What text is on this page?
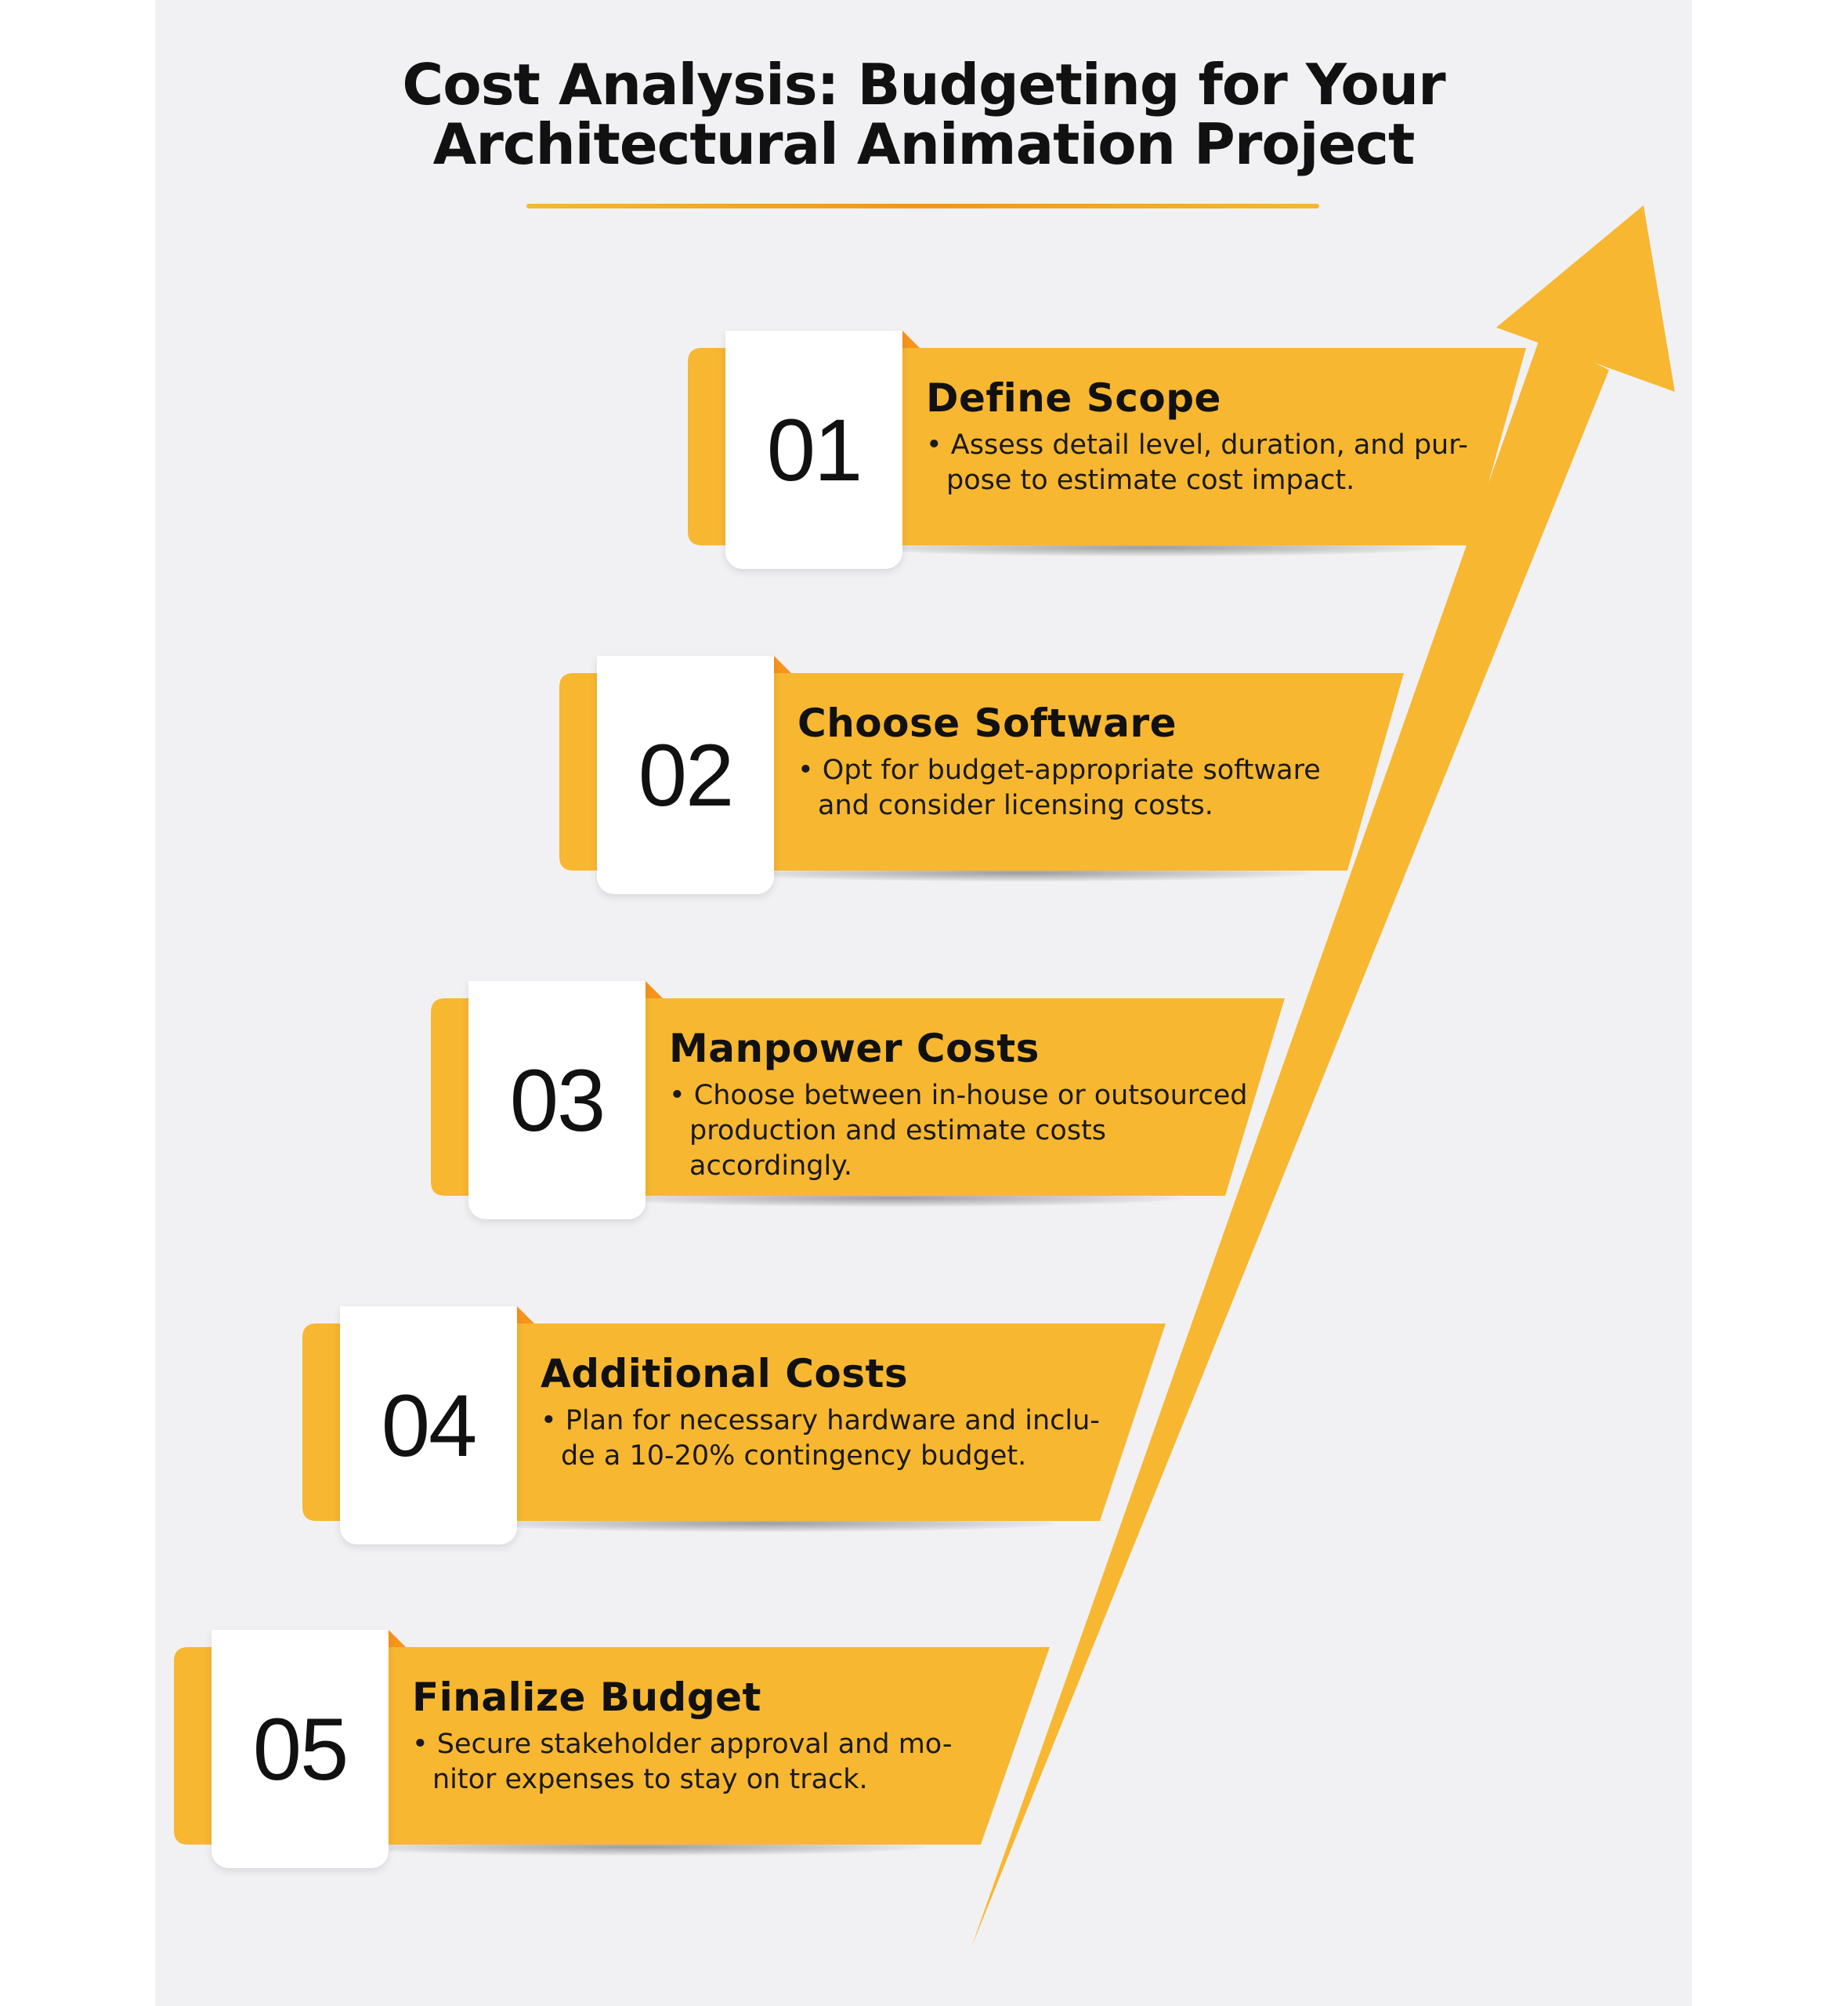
Cost Analysis: Budgeting for Your
Architectural Animation Project
01

Define Scope

• Assess detail level, duration, and pur-pose to estimate cost impact.

02

Choose Software

• Opt for budget-appropriate software and consider licensing costs.

03

Manpower Costs

• Choose between in-house or outsourced production and estimate costs accordingly.

04

Additional Costs

• Plan for necessary hardware and inclu-de a 10-20% contingency budget.

05

Finalize Budget

• Secure stakeholder approval and mo-nitor expenses to stay on track.
